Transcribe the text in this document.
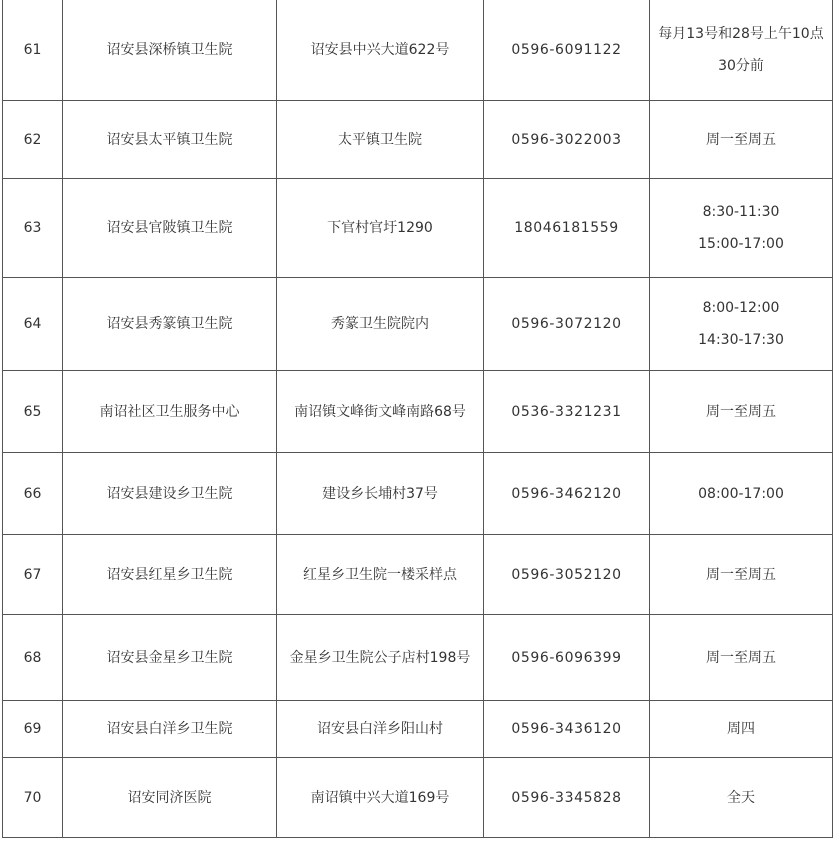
61	诏安县深桥镇卫生院	诏安县中兴大道622号	0596-6091122	每月13号和28号上午10点30分前

62	诏安县太平镇卫生院	太平镇卫生院	0596-3022003	周一至周五

63	诏安县官陂镇卫生院	下官村官圩1290	18046181559	8:30-11:30
15:00-17:00

64	诏安县秀篆镇卫生院	秀篆卫生院院内	0596-3072120	8:00-12:00
14:30-17:30

65	南诏社区卫生服务中心	南诏镇文峰街文峰南路68号	0536-3321231	周一至周五

66	诏安县建设乡卫生院	建设乡长埔村37号	0596-3462120	08:00-17:00

67	诏安县红星乡卫生院	红星乡卫生院一楼采样点	0596-3052120	周一至周五

68	诏安县金星乡卫生院	金星乡卫生院公子店村198号	0596-6096399	周一至周五

69	诏安县白洋乡卫生院	诏安县白洋乡阳山村	0596-3436120	周四

70	诏安同济医院	南诏镇中兴大道169号	0596-3345828	全天
